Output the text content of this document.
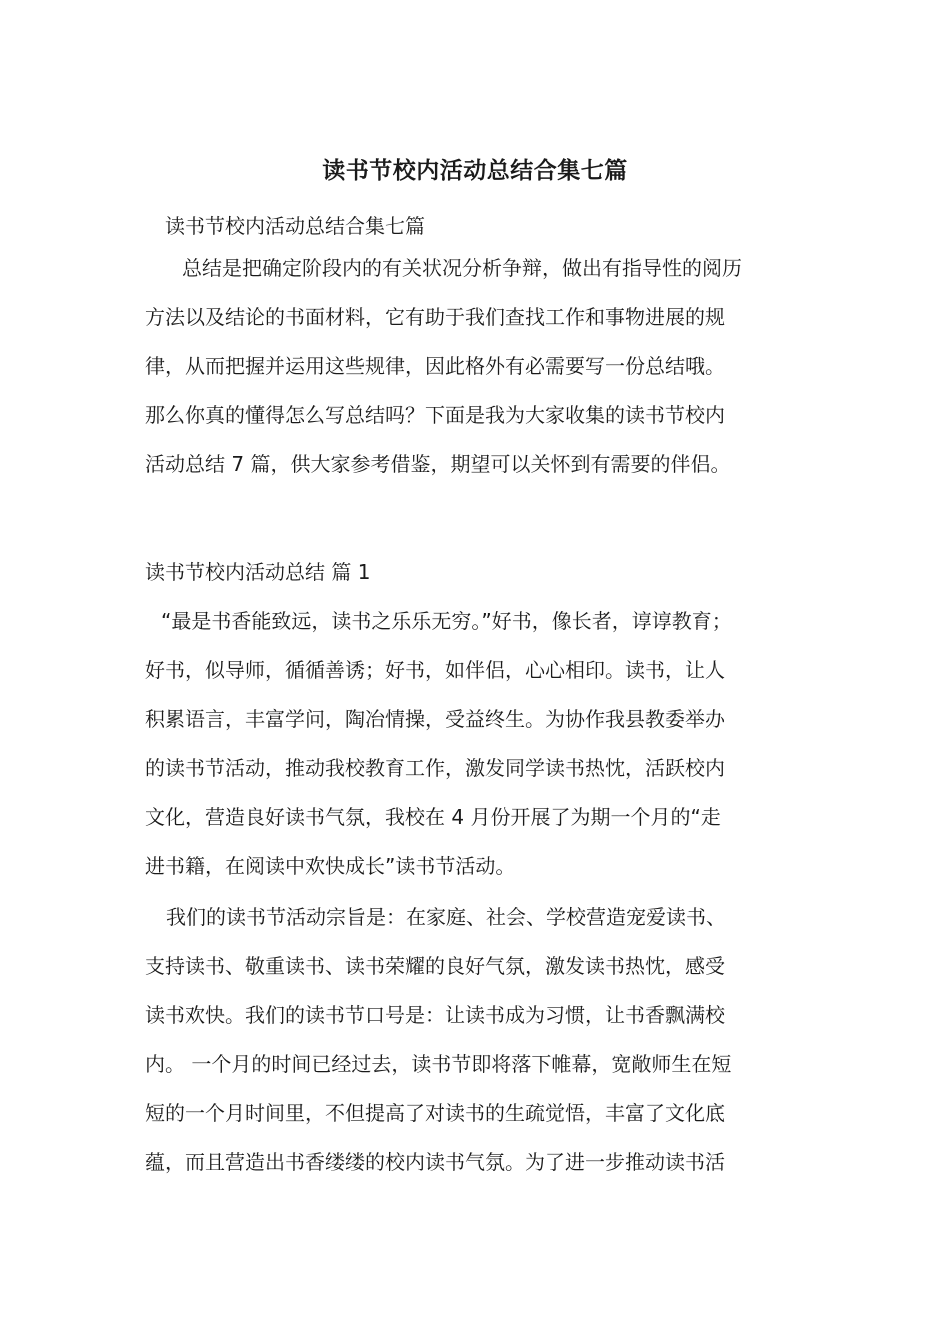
读书节校内活动总结合集七篇
读书节校内活动总结合集七篇
总结是把确定阶段内的有关状况分析争辩，做出有指导性的阅历
方法以及结论的书面材料，它有助于我们查找工作和事物进展的规
律，从而把握并运用这些规律，因此格外有必需要写一份总结哦。
那么你真的懂得怎么写总结吗？下面是我为大家收集的读书节校内
活动总结 7 篇，供大家参考借鉴，期望可以关怀到有需要的伴侣。
读书节校内活动总结 篇 1
“最是书香能致远，读书之乐乐无穷。”好书，像长者，谆谆教育；
好书，似导师，循循善诱；好书，如伴侣，心心相印。读书，让人
积累语言，丰富学问，陶冶情操，受益终生。为协作我县教委举办
的读书节活动，推动我校教育工作，激发同学读书热忱，活跃校内
文化，营造良好读书气氛，我校在 4 月份开展了为期一个月的“走
进书籍，在阅读中欢快成长”读书节活动。
我们的读书节活动宗旨是：在家庭、社会、学校营造宠爱读书、
支持读书、敬重读书、读书荣耀的良好气氛，激发读书热忱，感受
读书欢快。我们的读书节口号是：让读书成为习惯，让书香飘满校
内。 一个月的时间已经过去，读书节即将落下帷幕，宽敞师生在短
短的一个月时间里，不但提高了对读书的生疏觉悟，丰富了文化底
蕴，而且营造出书香缕缕的校内读书气氛。为了进一步推动读书活
